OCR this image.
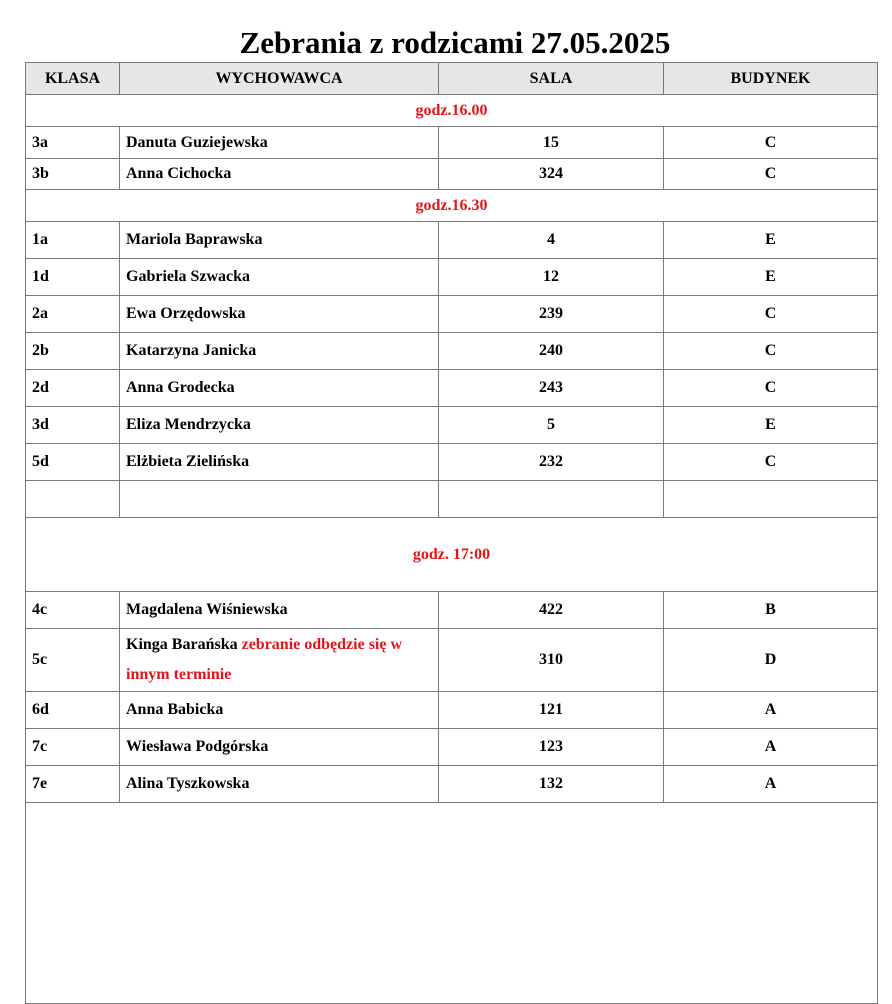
Zebrania z rodzicami 27.05.2025
KLASA	WYCHOWAWCA	SALA	BUDYNEK
godz.16.00			
3a	Danuta Guziejewska	15	C
3b	Anna Cichocka	324	C
godz.16.30			
1a	Mariola Baprawska	4	E
1d	Gabriela Szwacka	12	E
2a	Ewa Orzędowska	239	C
2b	Katarzyna Janicka	240	C
2d	Anna Grodecka	243	C
3d	Eliza Mendrzycka	5	E
5d	Elżbieta Zielińska	232	C

godz. 17:00			
4c	Magdalena Wiśniewska	422	B
5c	Kinga Barańska zebranie odbędzie się w innym terminie	310	D
6d	Anna Babicka	121	A
7c	Wiesława Podgórska	123	A
7e	Alina Tyszkowska	132	A
